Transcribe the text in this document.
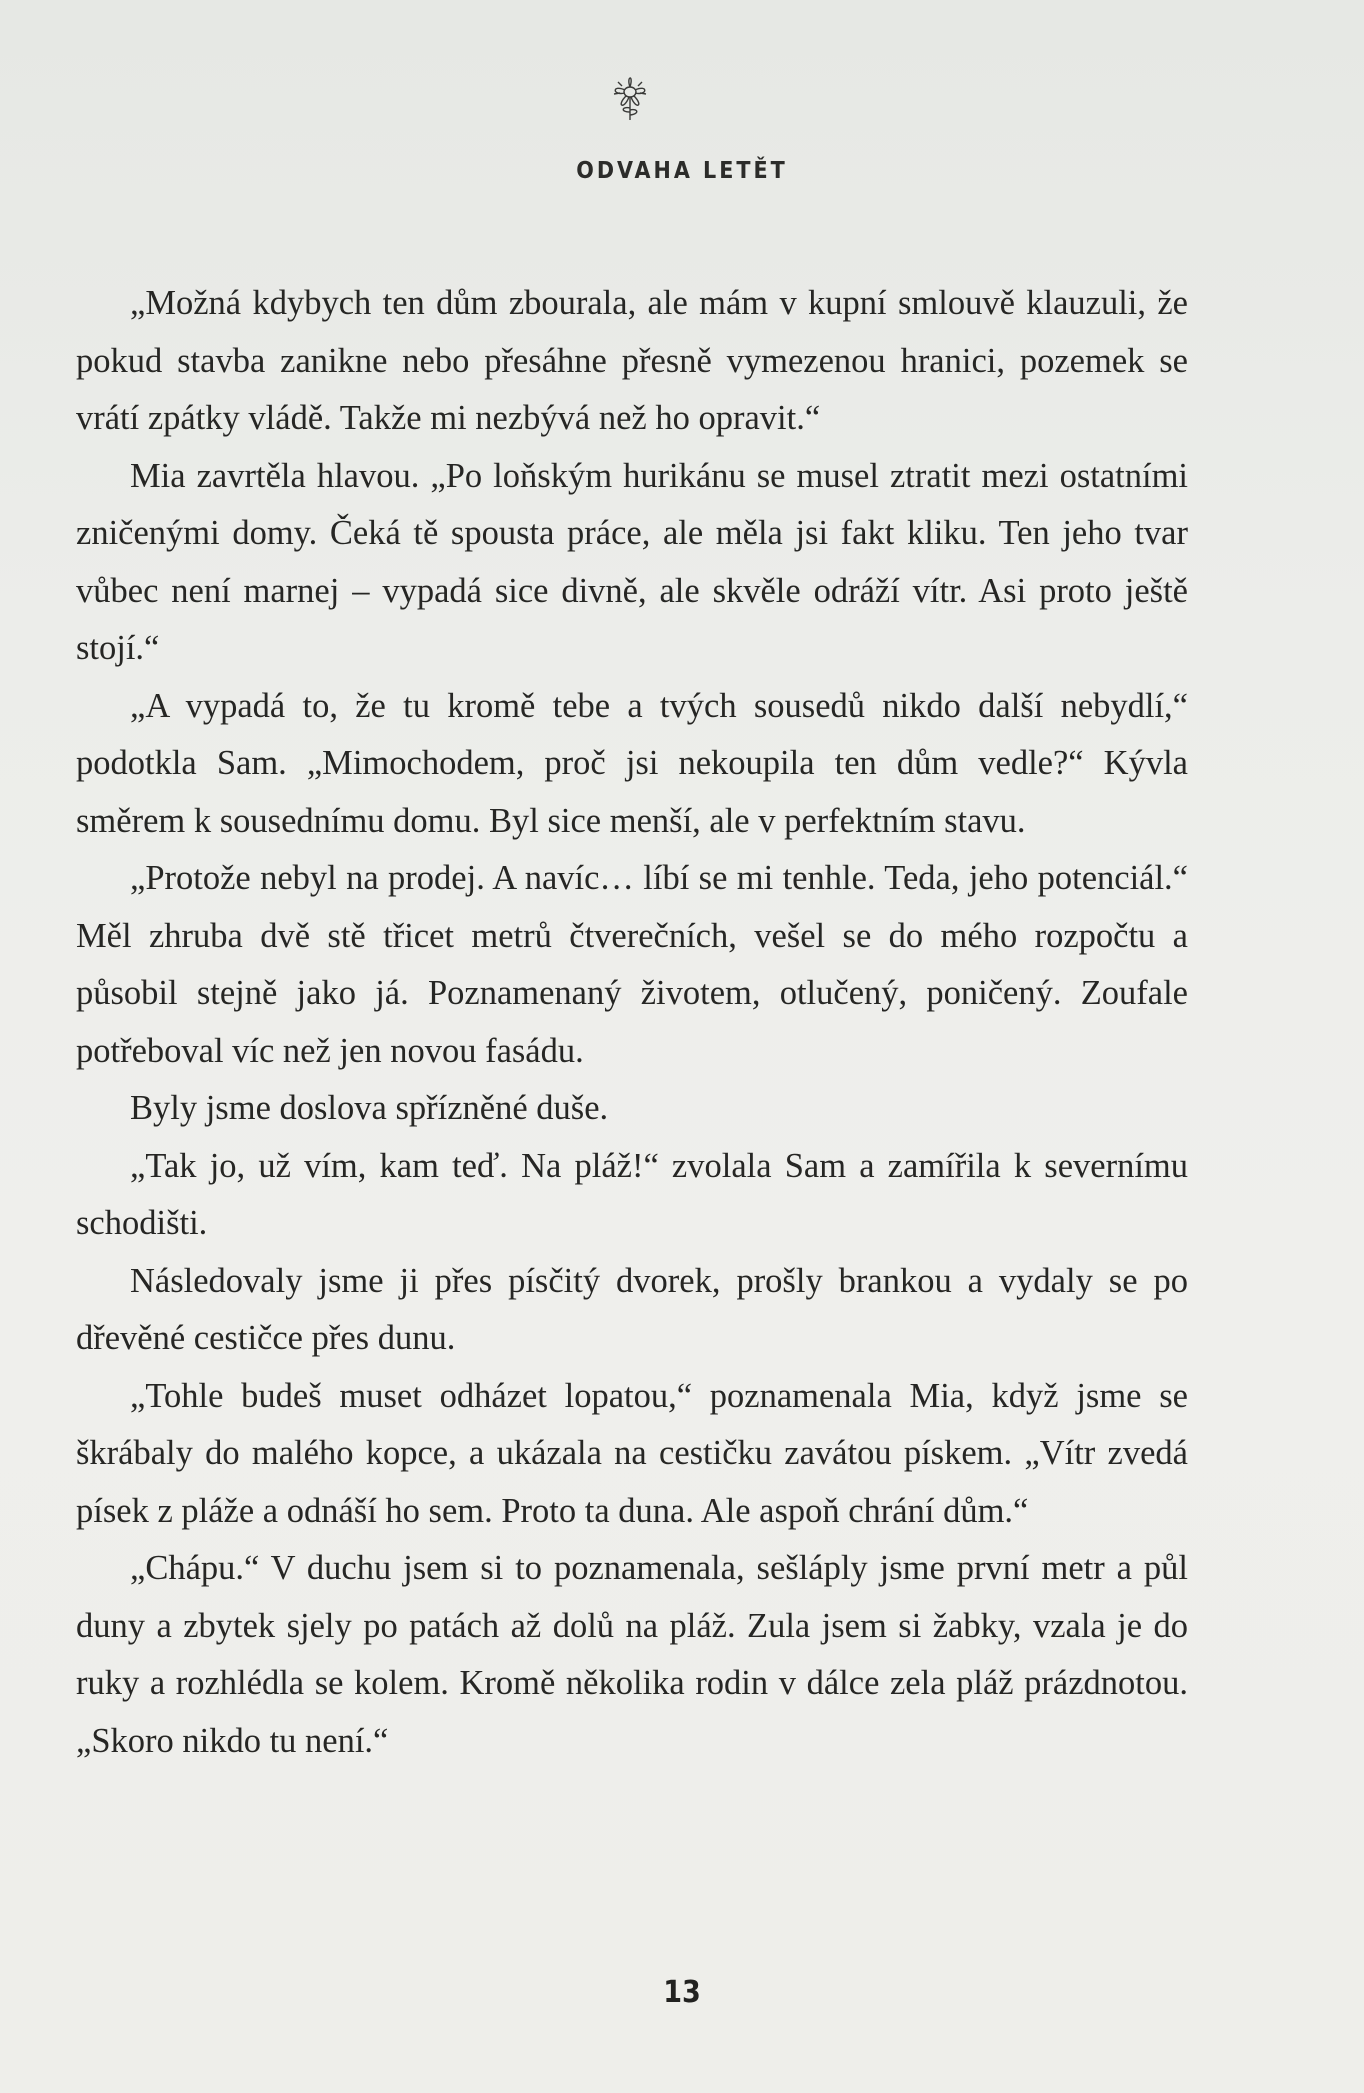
ODVAHA LETĚT

„Možná kdybych ten dům zbourala, ale mám v kupní smlouvě klauzuli, že pokud stavba zanikne nebo přesáhne přesně vymezenou hranici, pozemek se vrátí zpátky vládě. Takže mi nezbývá než ho opravit.“

Mia zavrtěla hlavou. „Po loňským hurikánu se musel ztratit mezi ostatními zničenými domy. Čeká tě spousta práce, ale měla jsi fakt kliku. Ten jeho tvar vůbec není marnej – vypadá sice divně, ale skvěle odráží vítr. Asi proto ještě stojí.“

„A vypadá to, že tu kromě tebe a tvých sousedů nikdo další nebydlí,“ podotkla Sam. „Mimochodem, proč jsi nekoupila ten dům vedle?“ Kývla směrem k sousednímu domu. Byl sice menší, ale v perfektním stavu.

„Protože nebyl na prodej. A navíc… líbí se mi tenhle. Teda, jeho potenciál.“ Měl zhruba dvě stě třicet metrů čtverečních, vešel se do mého rozpočtu a působil stejně jako já. Poznamenaný životem, otlučený, poničený. Zoufale potřeboval víc než jen novou fasádu.

Byly jsme doslova spřízněné duše.

„Tak jo, už vím, kam teď. Na pláž!“ zvolala Sam a zamířila k severnímu schodišti.

Následovaly jsme ji přes písčitý dvorek, prošly brankou a vydaly se po dřevěné cestičce přes dunu.

„Tohle budeš muset odházet lopatou,“ poznamenala Mia, když jsme se škrábaly do malého kopce, a ukázala na cestičku zavátou pískem. „Vítr zvedá písek z pláže a odnáší ho sem. Proto ta duna. Ale aspoň chrání dům.“

„Chápu.“ V duchu jsem si to poznamenala, sešláply jsme první metr a půl duny a zbytek sjely po patách až dolů na pláž. Zula jsem si žabky, vzala je do ruky a rozhlédla se kolem. Kromě několika rodin v dálce zela pláž prázdnotou. „Skoro nikdo tu není.“

13
